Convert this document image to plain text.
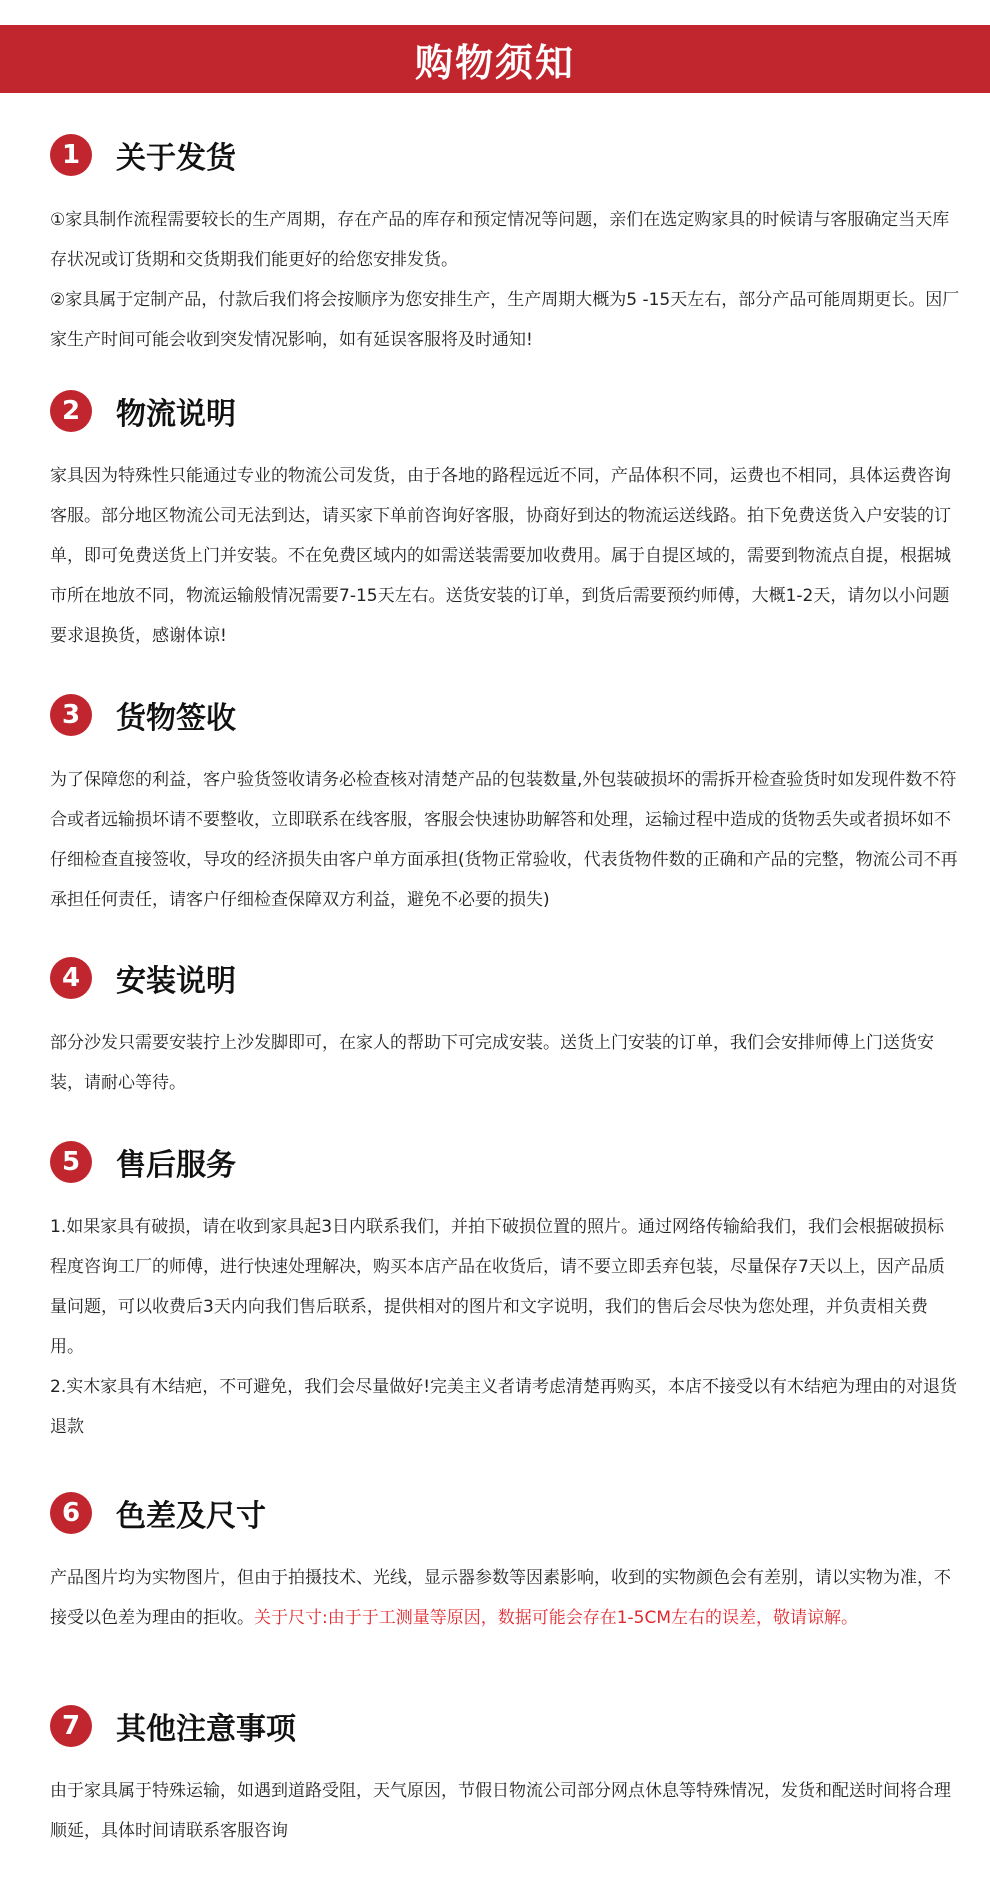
购物须知
1	关于发货

①家具制作流程需要较长的生产周期，存在产品的库存和预定情况等问题，亲们在选定购家具的时候请与客服确定当天库存状况或订货期和交货期我们能更好的给您安排发货。

②家具属于定制产品，付款后我们将会按顺序为您安排生产，生产周期大概为5 -15天左右，部分产品可能周期更长。因厂家生产时间可能会收到突发情况影响，如有延误客服将及时通知!

2	物流说明

家具因为特殊性只能通过专业的物流公司发货，由于各地的路程远近不同，产品体积不同，运费也不相同，具体运费咨询客服。部分地区物流公司无法到达，请买家下单前咨询好客服，协商好到达的物流运送线路。拍下免费送货入户安装的订单，即可免费送货上门并安装。不在免费区域内的如需送装需要加收费用。属于自提区域的，需要到物流点自提，根据城市所在地放不同，物流运输般情况需要7-15天左右。送货安装的订单，到货后需要预约师傅，大概1-2天，请勿以小问题要求退换货，感谢体谅!

3	货物签收

为了保障您的利益，客户验货签收请务必检查核对清楚产品的包装数量,外包装破损坏的需拆开检查验货时如发现件数不符合或者远输损坏请不要整收，立即联系在线客服，客服会快速协助解答和处理，运输过程中造成的货物丢失或者损坏如不仔细检查直接签收，导攻的经济损失由客户单方面承担(货物正常验收，代表货物件数的正确和产品的完整，物流公司不再承担任何责任，请客户仔细检查保障双方利益，避免不必要的损失)

4	安装说明

部分沙发只需要安装拧上沙发脚即可，在家人的帮助下可完成安装。送货上门安装的订单，我们会安排师傅上门送货安装，请耐心等待。

5	售后服务

1.如果家具有破损，请在收到家具起3日内联系我们，并拍下破损位置的照片。通过网络传输給我们，我们会根据破损标程度咨询工厂的师傅，进行快速处理解决，购买本店产品在收货后，请不要立即丢弃包装，尽量保存7天以上，因产品质量问题，可以收费后3天内向我们售后联系，提供相对的图片和文字说明，我们的售后会尽快为您处理，并负责相关费用。

2.实木家具有木结疤，不可避免，我们会尽量做好!完美主义者请考虑清楚再购买，本店不接受以有木结疤为理由的对退货退款

6	色差及尺寸

产品图片均为实物图片，但由于拍摄技术、光线，显示器参数等因素影响，收到的实物颜色会有差别，请以实物为准，不接受以色差为理由的拒收。关于尺寸:由于于工测量等原因，数据可能会存在1-5CM左右的误差，敬请谅解。

7	其他注意事项

由于家具属于特殊运输，如遇到道路受阻，天气原因，节假日物流公司部分网点休息等特殊情况，发货和配送时间将合理顺延，具体时间请联系客服咨询
